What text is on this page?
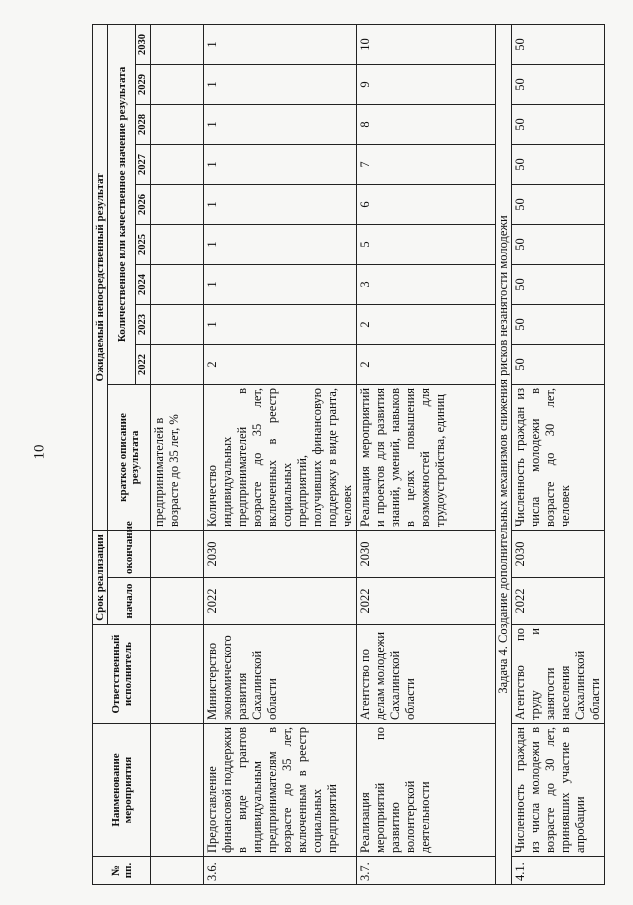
10
№ пп.	Наименование мероприятия	Ответственный исполнитель	Срок реализации		Ожидаемый непосредственный результат									
			начало	окончание	краткое описание результата	Количественное или качественное значение результата								
						2022	2023	2024	2025	2026	2027	2028	2029	2030
					предпринимателей в возрасте до 35 лет, %									
3.6.	Предоставление финансовой поддержки в виде грантов индивидуальным предпринимателям в возрасте до 35 лет, включенным в реестр социальных предприятий	Министерство экономического развития Сахалинской области	2022	2030	Количество индивидуальных предпринимателей в возрасте до 35 лет, включенных в реестр социальных предприятий, получивших финансовую поддержку в виде гранта, человек	2	1	1	1	1	1	1	1	1
3.7.	Реализация мероприятий по развитию волонтерской деятельности	Агентство по делам молодежи Сахалинской области	2022	2030	Реализация мероприятий и проектов для развития знаний, умений, навыков в целях повышения возможностей для трудоустройства, единиц	2	2	3	5	6	7	8	9	10
Задача 4. Создание дополнительных механизмов снижения рисков незанятости молодежи														
4.1.	Численность граждан из числа молодежи в возрасте до 30 лет, принявших участие в апробации	Агентство по труду и занятости населения Сахалинской области	2022	2030	Численность граждан из числа молодежи в возрасте до 30 лет, человек	50	50	50	50	50	50	50	50	50
